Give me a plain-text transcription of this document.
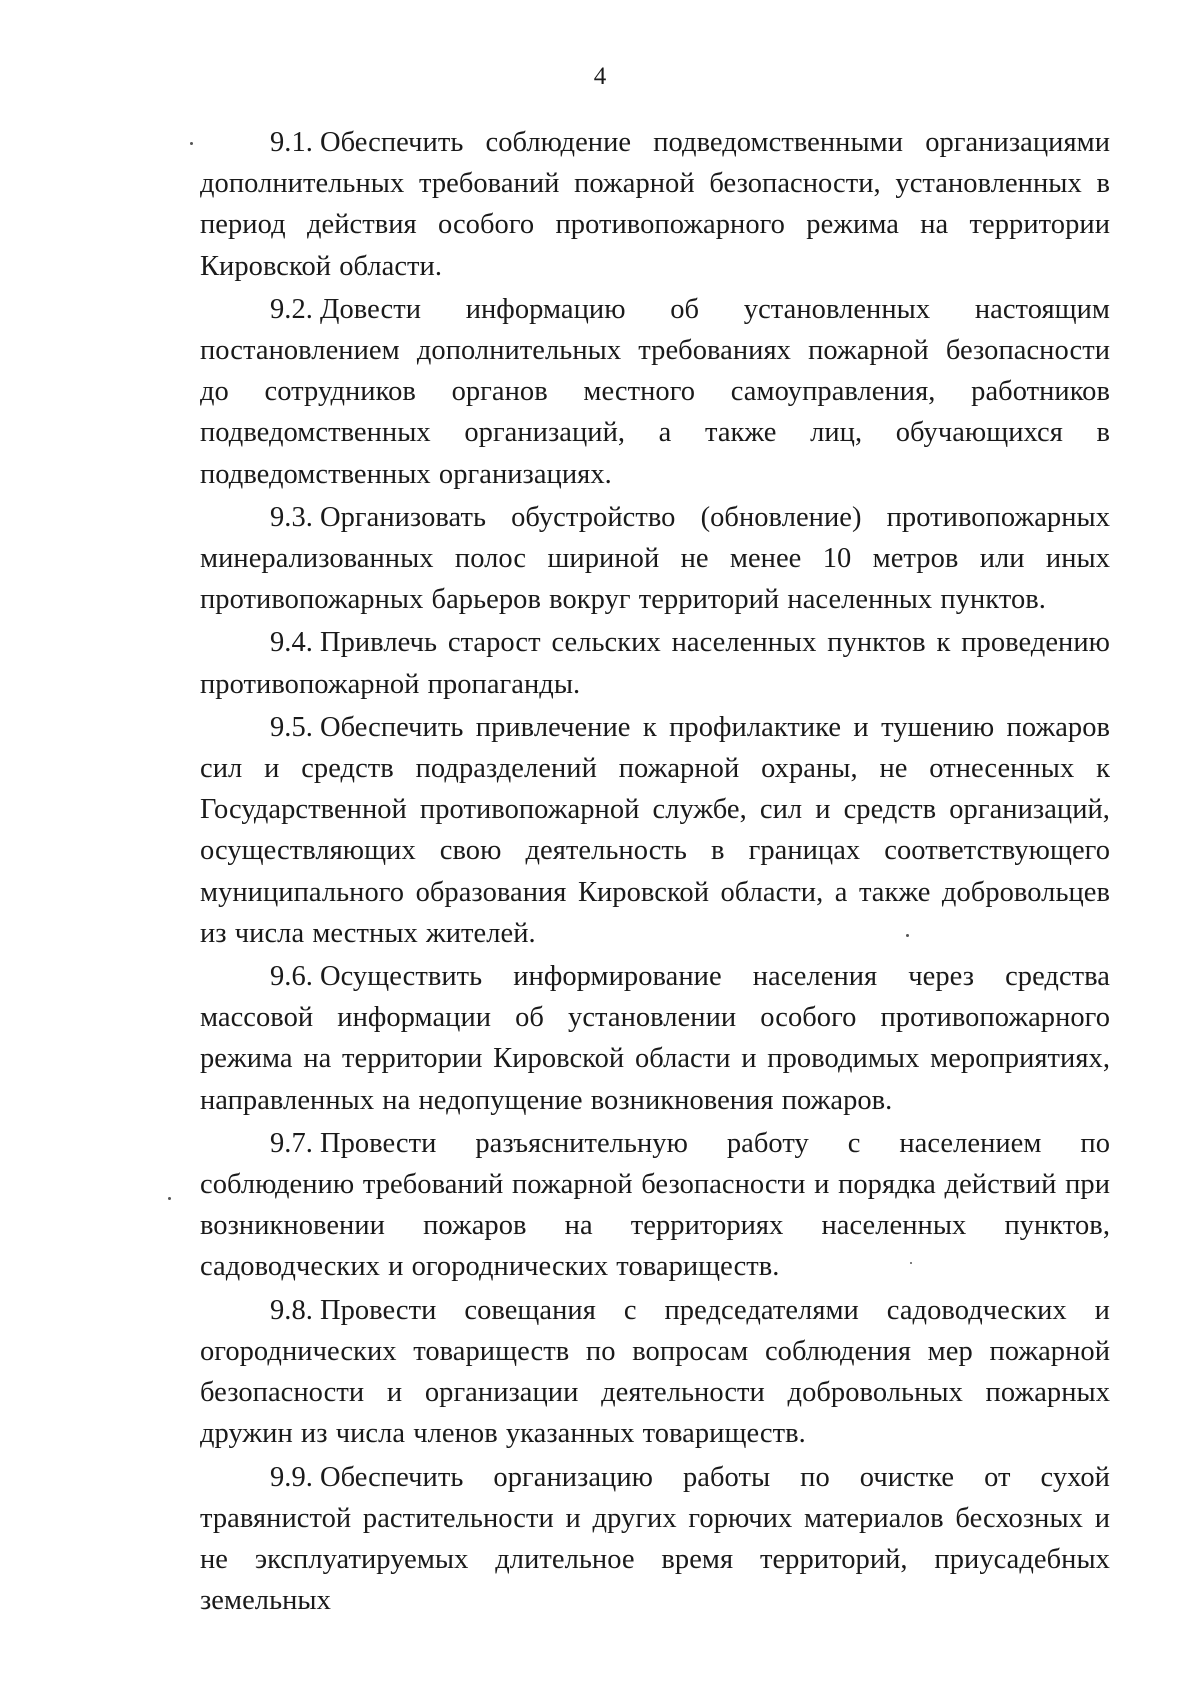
4

9.1. Обеспечить соблюдение подведомственными организациями дополнительных требований пожарной безопасности, установленных в период действия особого противопожарного режима на территории Кировской области.

9.2. Довести информацию об установленных настоящим постановлением дополнительных требованиях пожарной безопасности до сотрудников органов местного самоуправления, работников подведомственных организаций, а также лиц, обучающихся в подведомственных организациях.

9.3. Организовать обустройство (обновление) противопожарных минерализованных полос шириной не менее 10 метров или иных противопожарных барьеров вокруг территорий населенных пунктов.

9.4. Привлечь старост сельских населенных пунктов к проведению противопожарной пропаганды.

9.5. Обеспечить привлечение к профилактике и тушению пожаров сил и средств подразделений пожарной охраны, не отнесенных к Государственной противопожарной службе, сил и средств организаций, осуществляющих свою деятельность в границах соответствующего муниципального образования Кировской области, а также добровольцев из числа местных жителей.

9.6. Осуществить информирование населения через средства массовой информации об установлении особого противопожарного режима на территории Кировской области и проводимых мероприятиях, направленных на недопущение возникновения пожаров.

9.7. Провести разъяснительную работу с населением по соблюдению требований пожарной безопасности и порядка действий при возникновении пожаров на территориях населенных пунктов, садоводческих и огороднических товариществ.

9.8. Провести совещания с председателями садоводческих и огороднических товариществ по вопросам соблюдения мер пожарной безопасности и организации деятельности добровольных пожарных дружин из числа членов указанных товариществ.

9.9. Обеспечить организацию работы по очистке от сухой травянистой растительности и других горючих материалов бесхозных и не эксплуатируемых длительное время территорий, приусадебных земельных
